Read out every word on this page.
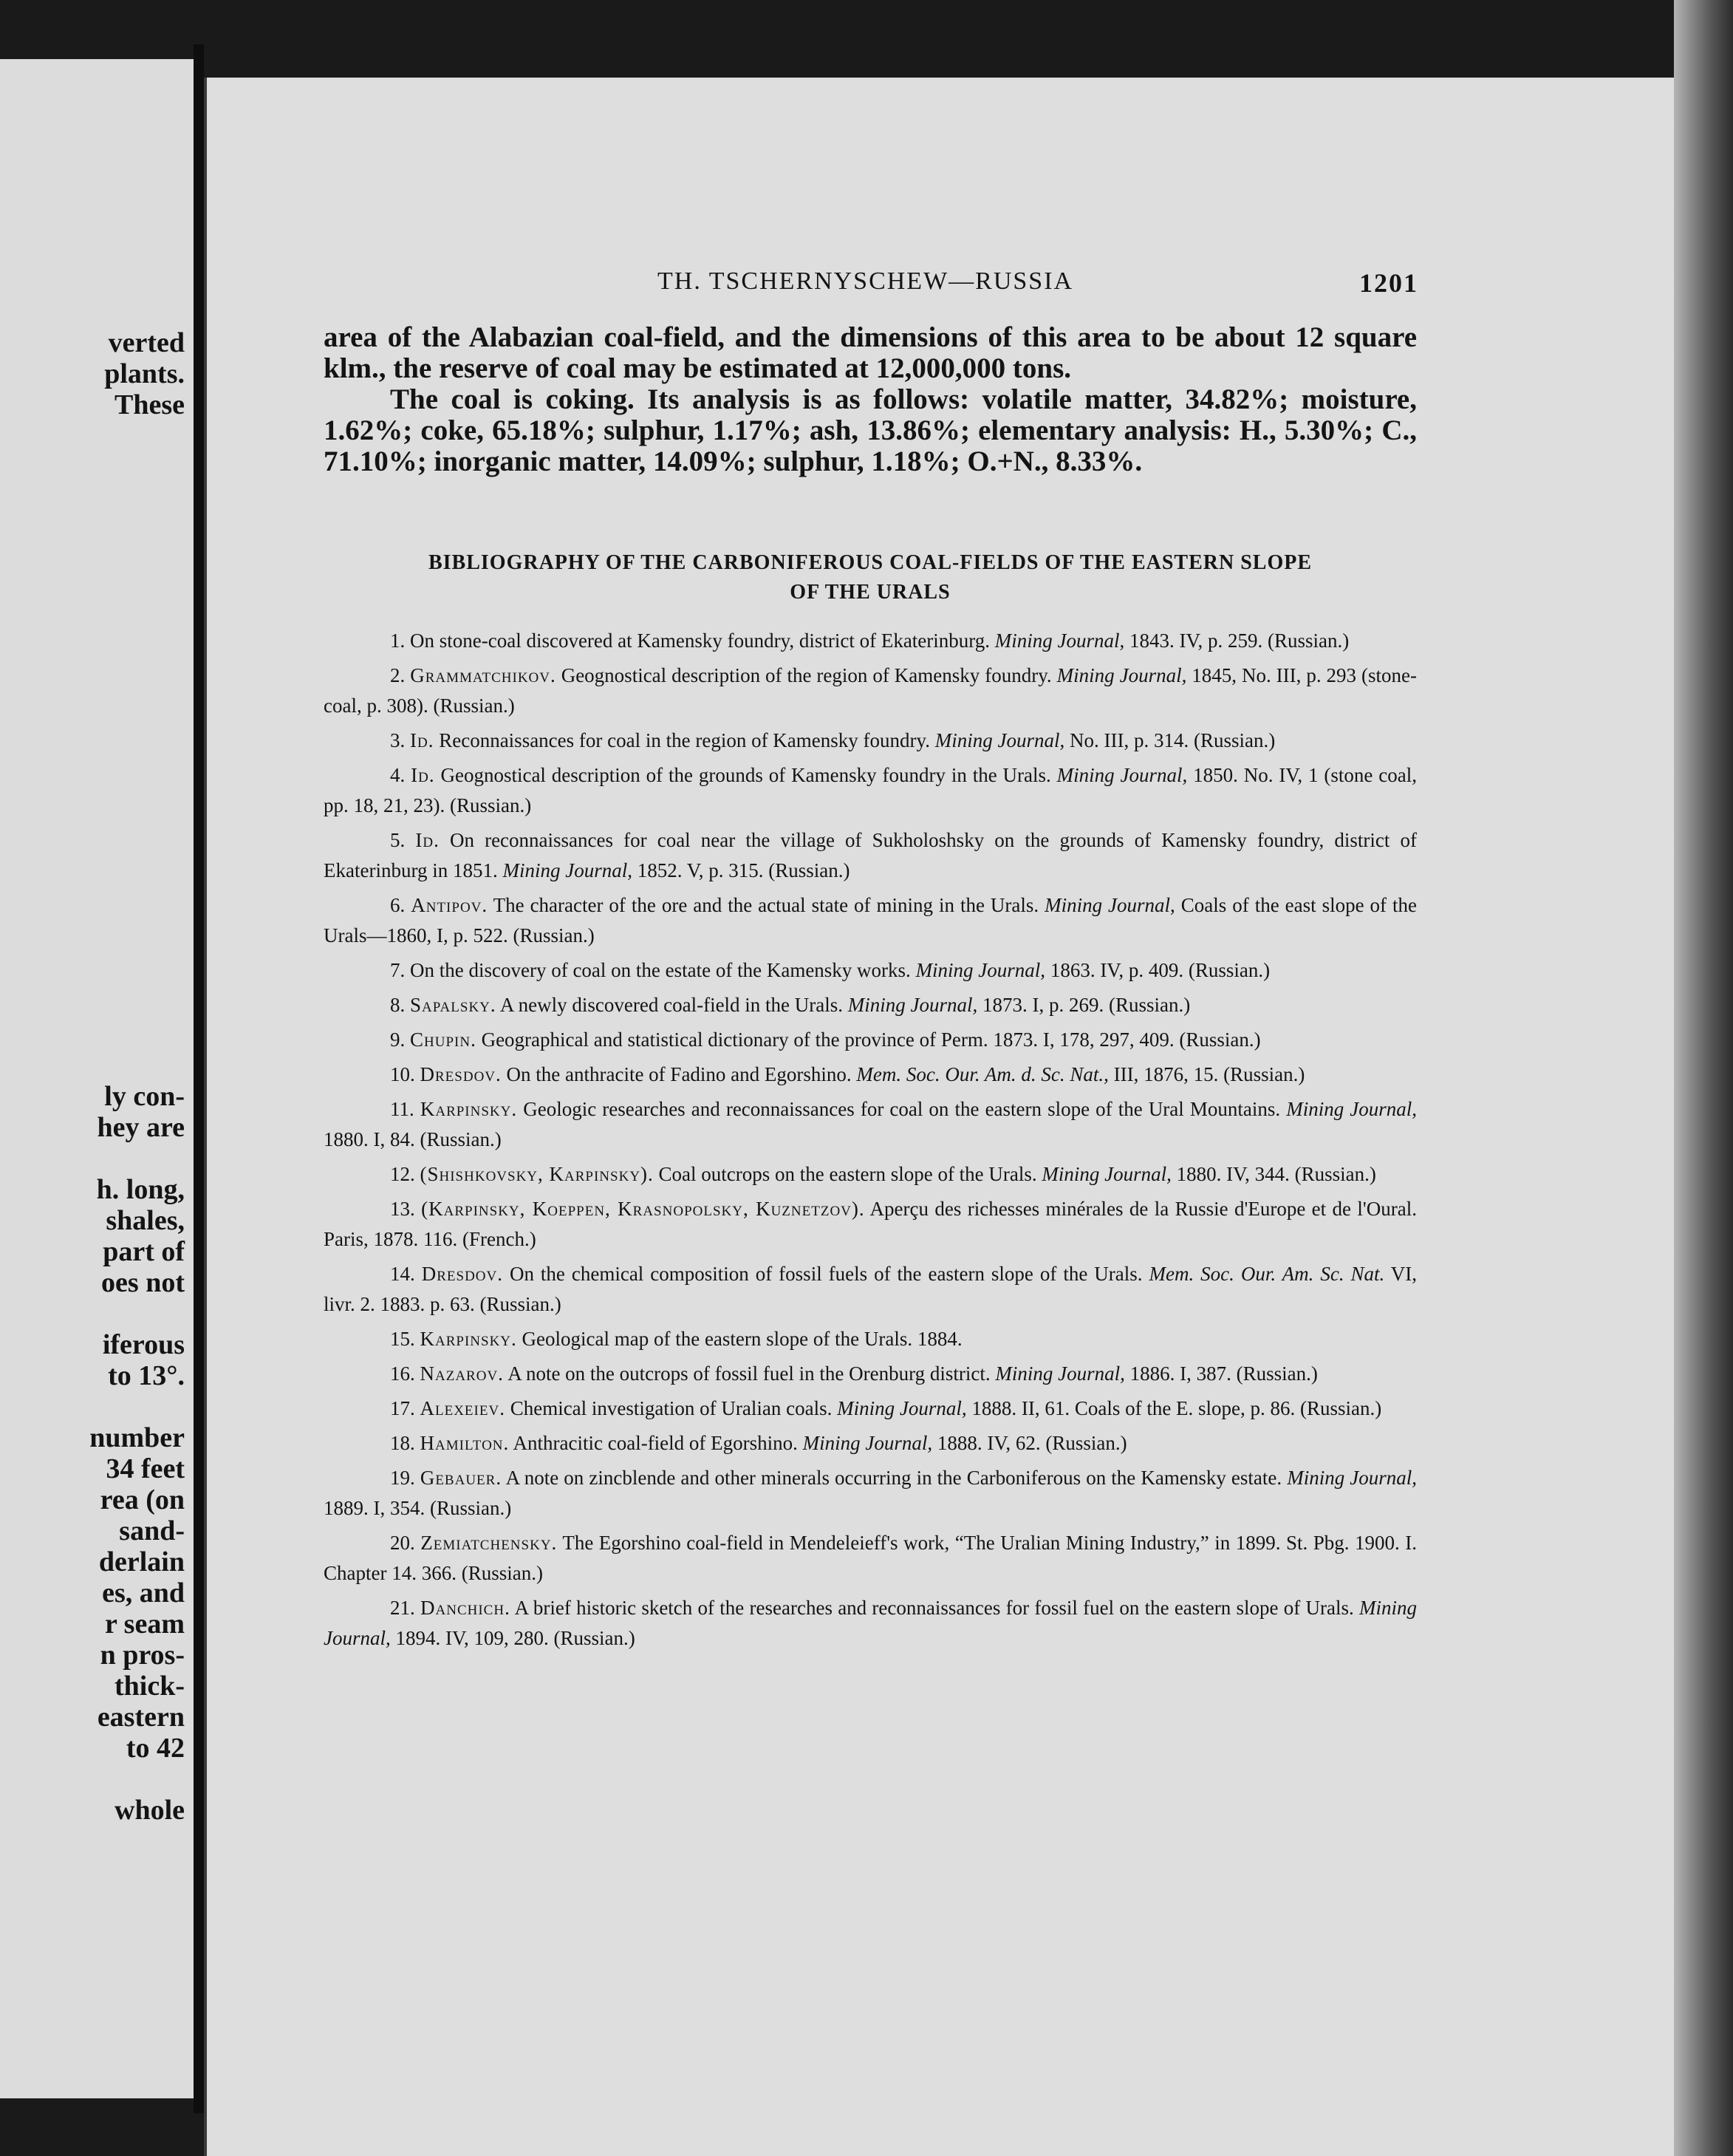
verted
plants.
These
ly con-
hey are
h. long,
shales,
part of
oes not
iferous
to 13°.
number
34 feet
rea (on
sand-
derlain
es, and
r seam
n pros-
thick-
eastern
to 42
whole
TH. TSCHERNYSCHEW—RUSSIA	1201

area of the Alabazian coal-field, and the dimensions of this area to be about 12 square klm., the reserve of coal may be estimated at 12,000,000 tons.

The coal is coking. Its analysis is as follows: volatile matter, 34.82%; moisture, 1.62%; coke, 65.18%; sulphur, 1.17%; ash, 13.86%; elementary analysis: H., 5.30%; C., 71.10%; inorganic matter, 14.09%; sulphur, 1.18%; O.+N., 8.33%.

BIBLIOGRAPHY OF THE CARBONIFEROUS COAL-FIELDS OF THE EASTERN SLOPE
OF THE URALS

1. On stone-coal discovered at Kamensky foundry, district of Ekaterinburg. Mining Journal, 1843. IV, p. 259. (Russian.)

2. Grammatchikov. Geognostical description of the region of Kamensky foundry. Mining Journal, 1845, No. III, p. 293 (stone-coal, p. 308). (Russian.)

3. Id. Reconnaissances for coal in the region of Kamensky foundry. Mining Journal, No. III, p. 314. (Russian.)

4. Id. Geognostical description of the grounds of Kamensky foundry in the Urals. Mining Journal, 1850. No. IV, 1 (stone coal, pp. 18, 21, 23). (Russian.)

5. Id. On reconnaissances for coal near the village of Sukholoshsky on the grounds of Kamensky foundry, district of Ekaterinburg in 1851. Mining Journal, 1852. V, p. 315. (Russian.)

6. Antipov. The character of the ore and the actual state of mining in the Urals. Mining Journal, Coals of the east slope of the Urals—1860, I, p. 522. (Russian.)

7. On the discovery of coal on the estate of the Kamensky works. Mining Journal, 1863. IV, p. 409. (Russian.)

8. Sapalsky. A newly discovered coal-field in the Urals. Mining Journal, 1873. I, p. 269. (Russian.)

9. Chupin. Geographical and statistical dictionary of the province of Perm. 1873. I, 178, 297, 409. (Russian.)

10. Dresdov. On the anthracite of Fadino and Egorshino. Mem. Soc. Our. Am. d. Sc. Nat., III, 1876, 15. (Russian.)

11. Karpinsky. Geologic researches and reconnaissances for coal on the eastern slope of the Ural Mountains. Mining Journal, 1880. I, 84. (Russian.)

12. (Shishkovsky, Karpinsky). Coal outcrops on the eastern slope of the Urals. Mining Journal, 1880. IV, 344. (Russian.)

13. (Karpinsky, Koeppen, Krasnopolsky, Kuznetzov). Aperçu des richesses minérales de la Russie d'Europe et de l'Oural. Paris, 1878. 116. (French.)

14. Dresdov. On the chemical composition of fossil fuels of the eastern slope of the Urals. Mem. Soc. Our. Am. Sc. Nat. VI, livr. 2. 1883. p. 63. (Russian.)

15. Karpinsky. Geological map of the eastern slope of the Urals. 1884.

16. Nazarov. A note on the outcrops of fossil fuel in the Orenburg district. Mining Journal, 1886. I, 387. (Russian.)

17. Alexeiev. Chemical investigation of Uralian coals. Mining Journal, 1888. II, 61. Coals of the E. slope, p. 86. (Russian.)

18. Hamilton. Anthracitic coal-field of Egorshino. Mining Journal, 1888. IV, 62. (Russian.)

19. Gebauer. A note on zincblende and other minerals occurring in the Carboniferous on the Kamensky estate. Mining Journal, 1889. I, 354. (Russian.)

20. Zemiatchensky. The Egorshino coal-field in Mendeleieff's work, “The Uralian Mining Industry,” in 1899. St. Pbg. 1900. I. Chapter 14. 366. (Russian.)

21. Danchich. A brief historic sketch of the researches and reconnaissances for fossil fuel on the eastern slope of Urals. Mining Journal, 1894. IV, 109, 280. (Russian.)
